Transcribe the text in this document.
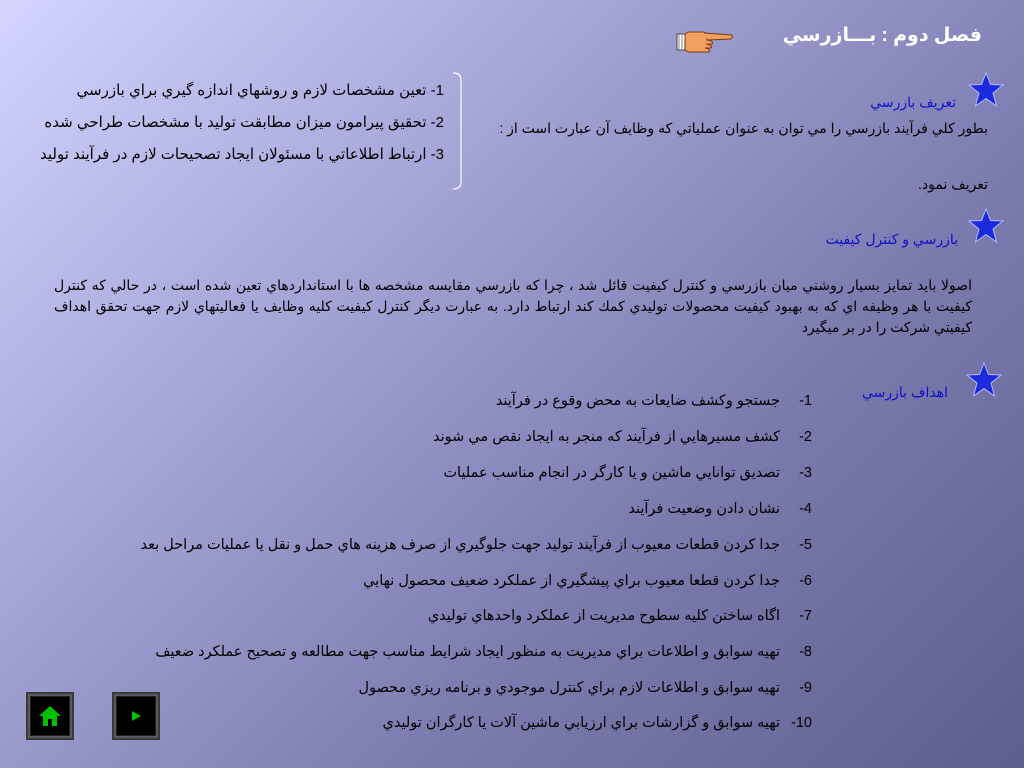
فصل دوم : بـــازرسي
1- تعين مشخصات لازم و روشهاي اندازه گيري براي بازرسي
2- تحقيق پيرامون ميزان مطابقت توليد با مشخصات طراحي شده
3- ارتباط اطلاعاتي با مسئولان ايجاد تصحيحات لازم در فرآيند توليد
تعريف بازرسي
بطور كلي فرآيند بازرسي را مي توان به عنوان عملياتي كه وظايف آن عبارت است از :
تعريف نمود.
بازرسي و كنترل كيفيت
اصولا بايد تمايز بسيار روشني ميان بازرسي و كنترل كيفيت قائل شد ، چرا كه بازرسي مقايسه مشخصه ها با استانداردهاي تعين شده است ، در حالي كه كنترل كيفيت با هر وظيفه اي كه به بهبود كيفيت محصولات توليدي كمك كند ارتباط دارد. به عبارت ديگر كنترل كيفيت كليه وظايف يا فعاليتهاي لازم جهت تحقق اهداف كيفيتي شركت را در بر ميگيرد
اهداف بازرسي
1-جستجو وكشف ضايعات به محض وقوع در فرآيند
2-كشف مسيرهايي از فرآيند كه منجر به ايجاد نقص مي شوند
3-تصديق توانايي ماشين و يا كارگر در انجام مناسب عمليات
4-نشان دادن وضعيت فرآيند
5-جدا كردن قطعات معيوب از فرآيند توليد جهت جلوگيري از صرف هزينه هاي حمل و نقل يا عمليات مراحل بعد
6-جدا كردن قطعا معيوب براي پيشگيري از عملكرد ضعيف محصول نهايي
7-اگاه ساختن كليه سطوح مديريت از عملكرد واحدهاي توليدي
8-تهيه سوابق و اطلاعات براي مديريت به منظور ايجاد شرايط مناسب جهت مطالعه و تصحيح عملكرد ضعيف
9-تهيه سوابق و اطلاعات لازم براي كنترل موجودي و برنامه ريزي محصول
10-تهيه سوابق و گزارشات براي ارزيابي ماشين آلات يا كارگران توليدي
